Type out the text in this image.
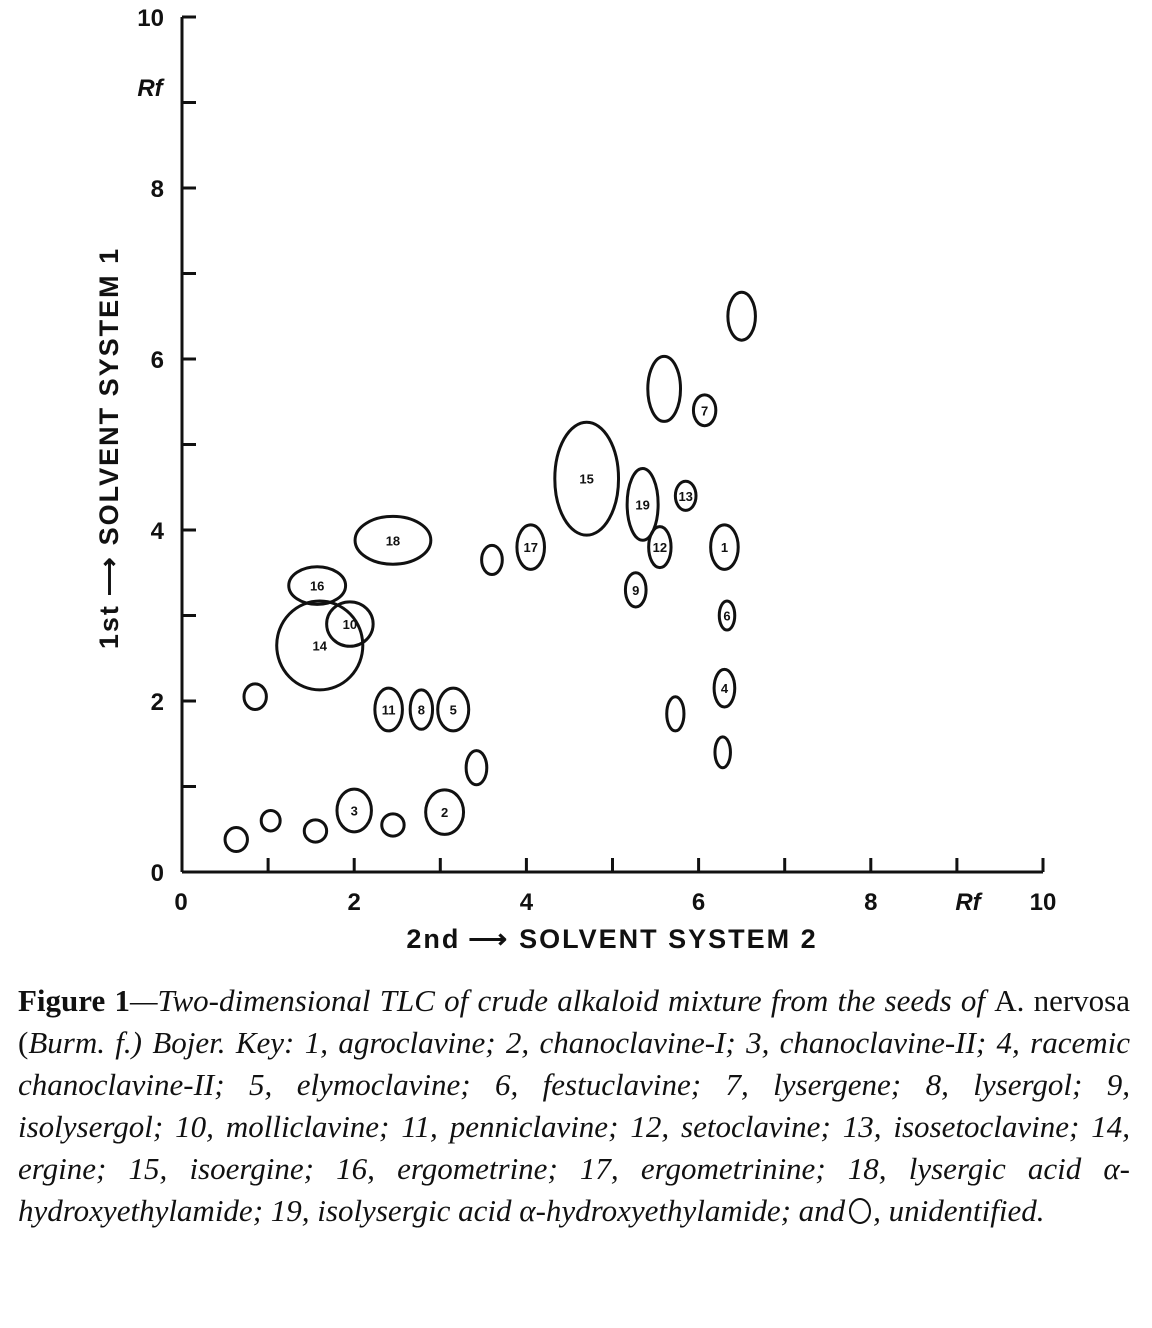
0	2	4	6	8	10
0
2
4
6
8
10
1
2
3
4
5
6
7
8
9
10
11
12
13
14
15
16
17
18
19
Rf
Rf
2nd ⟶ SOLVENT SYSTEM 2
1st⟶SOLVENT SYSTEM 1

Figure 1—Two-dimensional TLC of crude alkaloid mixture from the seeds of A. nervosa (Burm. f.) Bojer. Key: 1, agroclavine; 2, chanoclavine-I; 3, chanoclavine-II; 4, racemic chanoclavine-II; 5, elymoclavine; 6, festuclavine; 7, lysergene; 8, lysergol; 9, isolysergol; 10, molliclavine; 11, penniclavine; 12, setoclavine; 13, isosetoclavine; 14, ergine; 15, isoergine; 16, ergometrine; 17, ergometrinine; 18, lysergic acid α-hydroxyethylamide; 19, isolysergic acid α-hydroxyethylamide; and , unidentified.
